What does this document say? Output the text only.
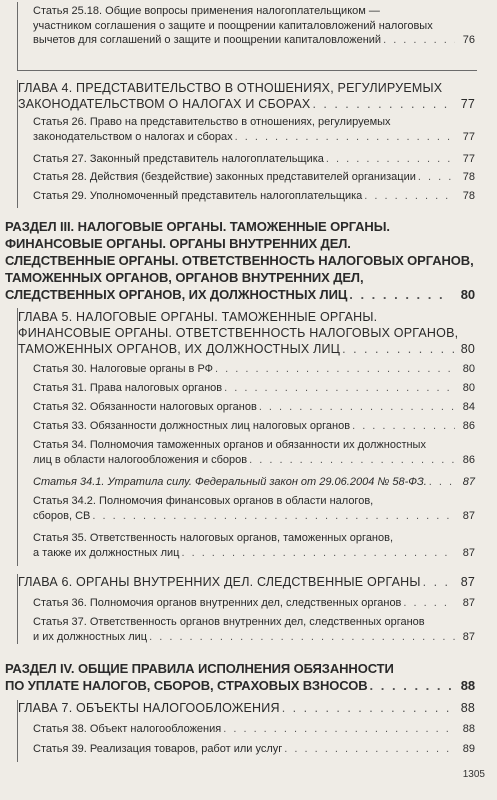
Статья 25.18. Общие вопросы применения налогоплательщиком —
участником соглашения о защите и поощрении капиталовложений налоговых
вычетов для соглашений о защите и поощрении капиталовложений . . .	76
ГЛАВА 4. ПРЕДСТАВИТЕЛЬСТВО В ОТНОШЕНИЯХ, РЕГУЛИРУЕМЫХ
ЗАКОНОДАТЕЛЬСТВОМ О НАЛОГАХ И СБОРАХ . . .	77
Статья 26. Право на представительство в отношениях, регулируемых
законодательством о налогах и сборах . . .	77
Статья 27. Законный представитель налогоплательщика . . .	77
Статья 28. Действия (бездействие) законных представителей организации . . .	78
Статья 29. Уполномоченный представитель налогоплательщика . . .	78
РАЗДЕЛ III. НАЛОГОВЫЕ ОРГАНЫ. ТАМОЖЕННЫЕ ОРГАНЫ.
ФИНАНСОВЫЕ ОРГАНЫ. ОРГАНЫ ВНУТРЕННИХ ДЕЛ.
СЛЕДСТВЕННЫЕ ОРГАНЫ. ОТВЕТСТВЕННОСТЬ НАЛОГОВЫХ ОРГАНОВ,
ТАМОЖЕННЫХ ОРГАНОВ, ОРГАНОВ ВНУТРЕННИХ ДЕЛ,
СЛЕДСТВЕННЫХ ОРГАНОВ, ИХ ДОЛЖНОСТНЫХ ЛИЦ . . .	80
ГЛАВА 5. НАЛОГОВЫЕ ОРГАНЫ. ТАМОЖЕННЫЕ ОРГАНЫ.
ФИНАНСОВЫЕ ОРГАНЫ. ОТВЕТСТВЕННОСТЬ НАЛОГОВЫХ ОРГАНОВ,
ТАМОЖЕННЫХ ОРГАНОВ, ИХ ДОЛЖНОСТНЫХ ЛИЦ . . .	80
Статья 30. Налоговые органы в РФ . . .	80
Статья 31. Права налоговых органов . . .	80
Статья 32. Обязанности налоговых органов . . .	84
Статья 33. Обязанности должностных лиц налоговых органов . . .	86
Статья 34. Полномочия таможенных органов и обязанности их должностных
лиц в области налогообложения и сборов . . .	86
Статья 34.1. Утратила силу. Федеральный закон от 29.06.2004 № 58-ФЗ. . . .	87
Статья 34.2. Полномочия финансовых органов в области налогов,
сборов, СВ . . .	87
Статья 35. Ответственность налоговых органов, таможенных органов,
а также их должностных лиц . . .	87
ГЛАВА 6. ОРГАНЫ ВНУТРЕННИХ ДЕЛ. СЛЕДСТВЕННЫЕ ОРГАНЫ . . .	87
Статья 36. Полномочия органов внутренних дел, следственных органов . . .	87
Статья 37. Ответственность органов внутренних дел, следственных органов
и их должностных лиц . . .	87
РАЗДЕЛ IV. ОБЩИЕ ПРАВИЛА ИСПОЛНЕНИЯ ОБЯЗАННОСТИ
ПО УПЛАТЕ НАЛОГОВ, СБОРОВ, СТРАХОВЫХ ВЗНОСОВ . . .	88
ГЛАВА 7. ОБЪЕКТЫ НАЛОГООБЛОЖЕНИЯ . . .	88
Статья 38. Объект налогообложения . . .	88
Статья 39. Реализация товаров, работ или услуг . . .	89
1305
